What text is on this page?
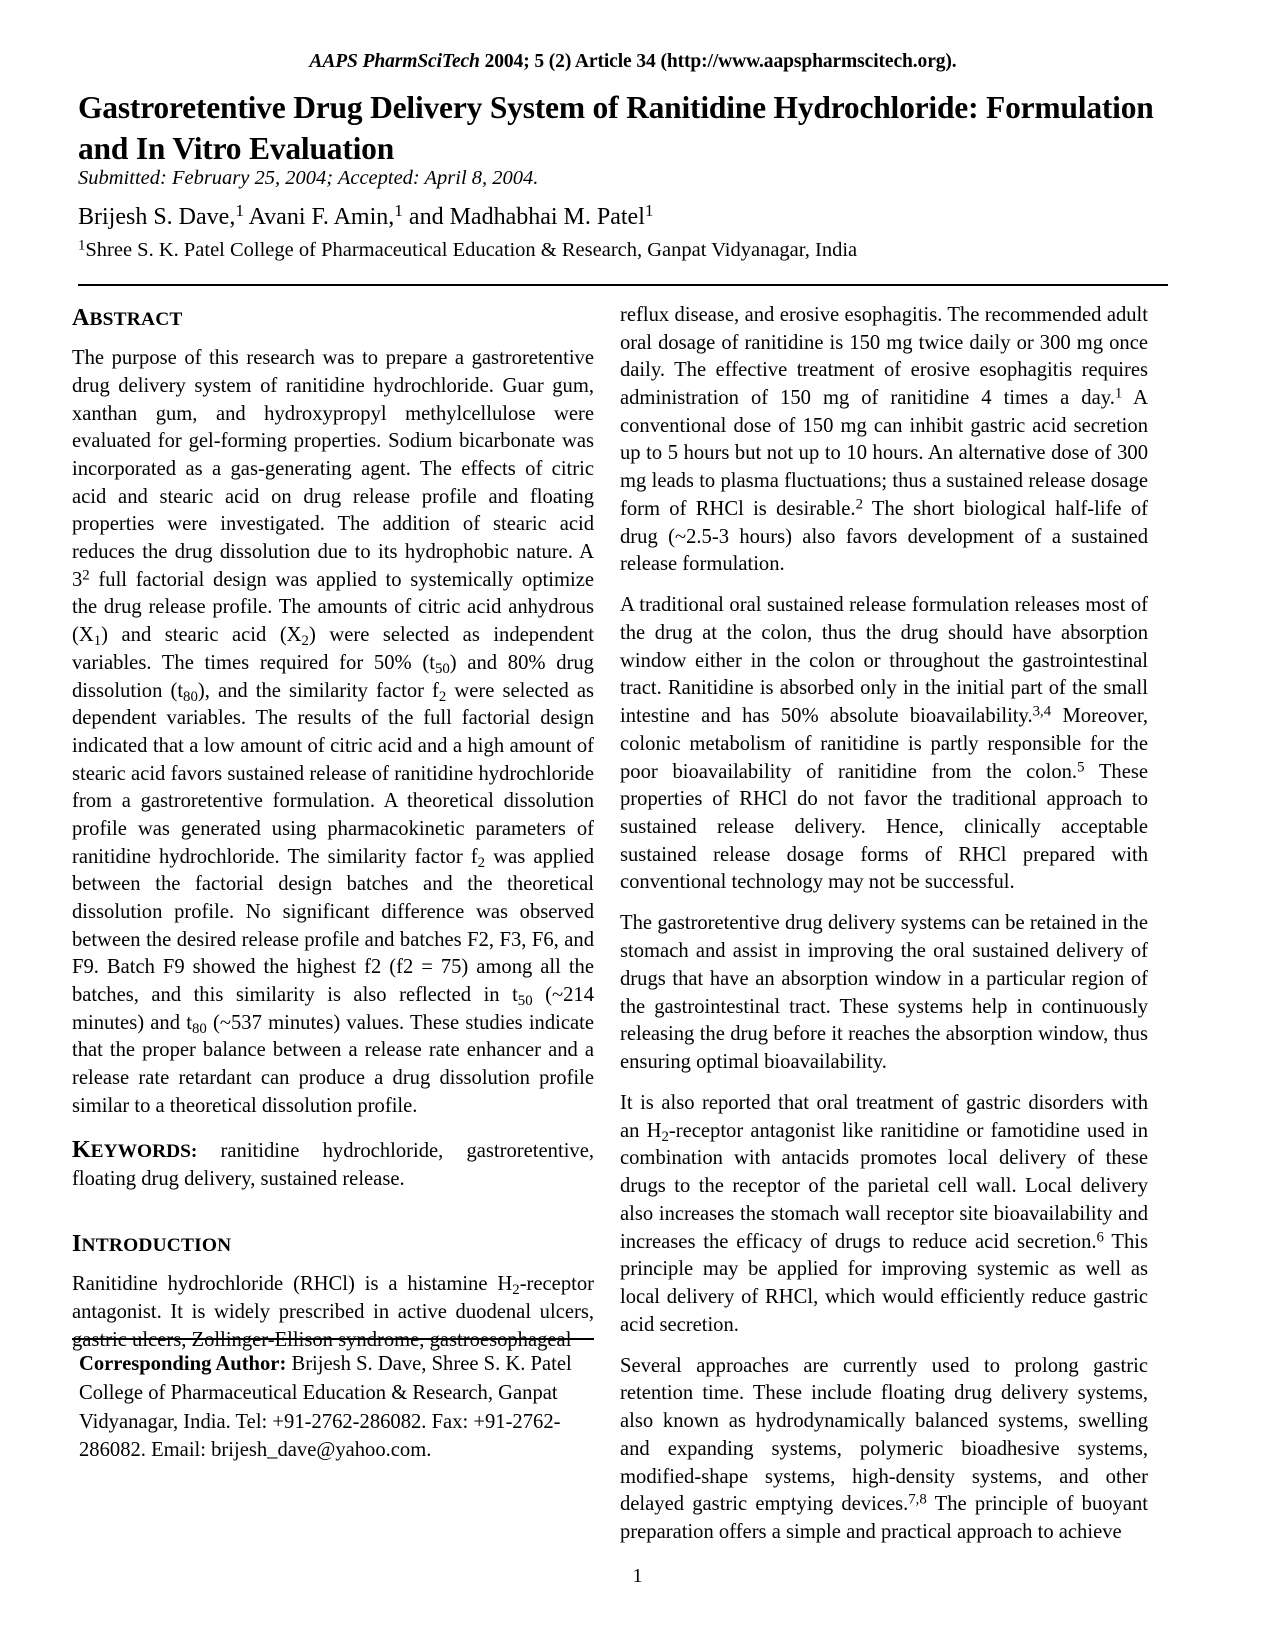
AAPS PharmSciTech 2004; 5 (2) Article 34 (http://www.aapspharmscitech.org).
Gastroretentive Drug Delivery System of Ranitidine Hydrochloride: Formulation and In Vitro Evaluation
Submitted: February 25, 2004; Accepted: April 8, 2004.
Brijesh S. Dave,$^1$ Avani F. Amin,$^1$ and Madhabhai M. Patel$^1$
$^1$Shree S. K. Patel College of Pharmaceutical Education & Research, Ganpat Vidyanagar, India
ABSTRACT

The purpose of this research was to prepare a gastroretentive drug delivery system of ranitidine hydrochloride. Guar gum, xanthan gum, and hydroxypropyl methylcellulose were evaluated for gel-forming properties. Sodium bicarbonate was incorporated as a gas-generating agent. The effects of citric acid and stearic acid on drug release profile and floating properties were investigated. The addition of stearic acid reduces the drug dissolution due to its hydrophobic nature. A $3^2$ full factorial design was applied to systemically optimize the drug release profile. The amounts of citric acid anhydrous $(X_1)$ and stearic acid $(X_2)$ were selected as independent variables. The times required for 50% $(t_{50})$ and 80% drug dissolution $(t_{80})$, and the similarity factor $f_2$ were selected as dependent variables. The results of the full factorial design indicated that a low amount of citric acid and a high amount of stearic acid favors sustained release of ranitidine hydrochloride from a gastroretentive formulation. A theoretical dissolution profile was generated using pharmacokinetic parameters of ranitidine hydrochloride. The similarity factor $f_2$ was applied between the factorial design batches and the theoretical dissolution profile. No significant difference was observed between the desired release profile and batches F2, F3, F6, and F9. Batch F9 showed the highest f2 (f2 = 75) among all the batches, and this similarity is also reflected in $t_{50}$ (~214 minutes) and $t_{80}$ (~537 minutes) values. These studies indicate that the proper balance between a release rate enhancer and a release rate retardant can produce a drug dissolution profile similar to a theoretical dissolution profile.

KEYWORDS: ranitidine hydrochloride, gastroretentive, floating drug delivery, sustained release.

INTRODUCTION

Ranitidine hydrochloride (RHCl) is a histamine $H_2$-receptor antagonist. It is widely prescribed in active duodenal ulcers, gastric ulcers, Zollinger-Ellison syndrome, gastroesophageal

reflux disease, and erosive esophagitis. The recommended adult oral dosage of ranitidine is 150 mg twice daily or 300 mg once daily. The effective treatment of erosive esophagitis requires administration of 150 mg of ranitidine 4 times a day.$^1$ A conventional dose of 150 mg can inhibit gastric acid secretion up to 5 hours but not up to 10 hours. An alternative dose of 300 mg leads to plasma fluctuations; thus a sustained release dosage form of RHCl is desirable.$^2$ The short biological half-life of drug (~2.5-3 hours) also favors development of a sustained release formulation.

A traditional oral sustained release formulation releases most of the drug at the colon, thus the drug should have absorption window either in the colon or throughout the gastrointestinal tract. Ranitidine is absorbed only in the initial part of the small intestine and has 50% absolute bioavailability.$^{3,4}$ Moreover, colonic metabolism of ranitidine is partly responsible for the poor bioavailability of ranitidine from the colon.$^5$ These properties of RHCl do not favor the traditional approach to sustained release delivery. Hence, clinically acceptable sustained release dosage forms of RHCl prepared with conventional technology may not be successful.

The gastroretentive drug delivery systems can be retained in the stomach and assist in improving the oral sustained delivery of drugs that have an absorption window in a particular region of the gastrointestinal tract. These systems help in continuously releasing the drug before it reaches the absorption window, thus ensuring optimal bioavailability.

It is also reported that oral treatment of gastric disorders with an $H_2$-receptor antagonist like ranitidine or famotidine used in combination with antacids promotes local delivery of these drugs to the receptor of the parietal cell wall. Local delivery also increases the stomach wall receptor site bioavailability and increases the efficacy of drugs to reduce acid secretion.$^6$ This principle may be applied for improving systemic as well as local delivery of RHCl, which would efficiently reduce gastric acid secretion.

Several approaches are currently used to prolong gastric retention time. These include floating drug delivery systems, also known as hydrodynamically balanced systems, swelling and expanding systems, polymeric bioadhesive systems, modified-shape systems, high-density systems, and other delayed gastric emptying devices.$^{7,8}$ The principle of buoyant preparation offers a simple and practical approach to achieve

Corresponding Author: Brijesh S. Dave, Shree S. K. Patel College of Pharmaceutical Education & Research, Ganpat Vidyanagar, India. Tel: +91-2762-286082. Fax: +91-2762-286082. Email: brijesh_dave@yahoo.com.
1
